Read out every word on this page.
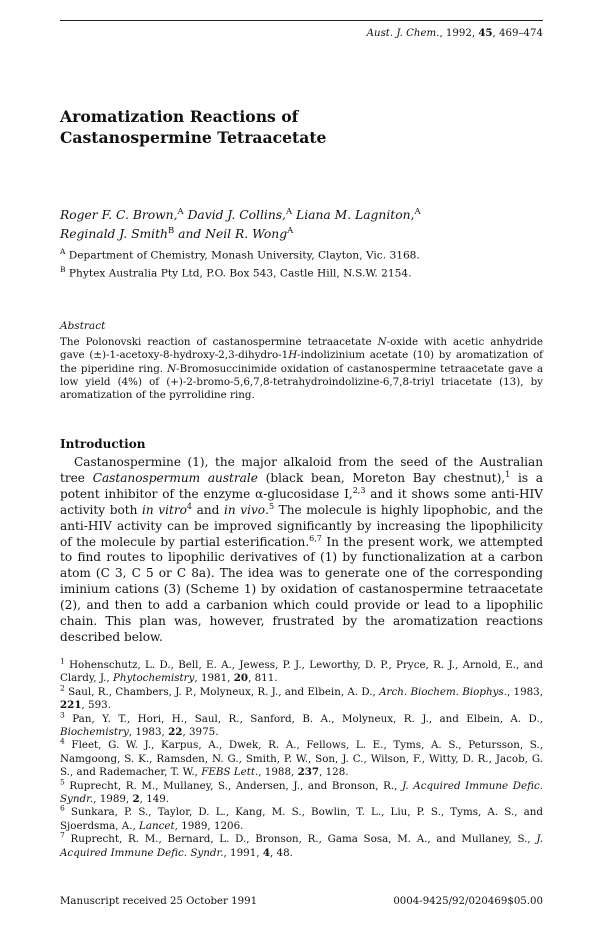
Aust. J. Chem., 1992, 45, 469–474
Aromatization Reactions of
Castanospermine Tetraacetate
Roger F. C. Brown,$^A$ David J. Collins,$^A$ Liana M. Lagniton,$^A$
Reginald J. Smith$^B$ and Neil R. Wong$^A$
$^A$ Department of Chemistry, Monash University, Clayton, Vic. 3168.
$^B$ Phytex Australia Pty Ltd, P.O. Box 543, Castle Hill, N.S.W. 2154.
Abstract
The Polonovski reaction of castanospermine tetraacetate N-oxide with acetic anhydride gave (±)-1-acetoxy-8-hydroxy-2,3-dihydro-1H-indolizinium acetate (10) by aromatization of the piperidine ring. N-Bromosuccinimide oxidation of castanospermine tetraacetate gave a low yield (4%) of (+)-2-bromo-5,6,7,8-tetrahydroindolizine-6,7,8-triyl triacetate (13), by aromatization of the pyrrolidine ring.
Introduction

Castanospermine (1), the major alkaloid from the seed of the Australian tree Castanospermum australe (black bean, Moreton Bay chestnut),$^1$ is a potent inhibitor of the enzyme α-glucosidase I,$^{2,3}$ and it shows some anti-HIV activity both in vitro$^4$ and in vivo.$^5$ The molecule is highly lipophobic, and the anti-HIV activity can be improved significantly by increasing the lipophilicity of the molecule by partial esterification.$^{6,7}$ In the present work, we attempted to find routes to lipophilic derivatives of (1) by functionalization at a carbon atom (C 3, C 5 or C 8a). The idea was to generate one of the corresponding iminium cations (3) (Scheme 1) by oxidation of castanospermine tetraacetate (2), and then to add a carbanion which could provide or lead to a lipophilic chain. This plan was, however, frustrated by the aromatization reactions described below.

$^1$ Hohenschutz, L. D., Bell, E. A., Jewess, P. J., Leworthy, D. P., Pryce, R. J., Arnold, E., and Clardy, J., Phytochemistry, 1981, 20, 811.

$^2$ Saul, R., Chambers, J. P., Molyneux, R. J., and Elbein, A. D., Arch. Biochem. Biophys., 1983, 221, 593.

$^3$ Pan, Y. T., Hori, H., Saul, R., Sanford, B. A., Molyneux, R. J., and Elbein, A. D., Biochemistry, 1983, 22, 3975.

$^4$ Fleet, G. W. J., Karpus, A., Dwek, R. A., Fellows, L. E., Tyms, A. S., Petursson, S., Namgoong, S. K., Ramsden, N. G., Smith, P. W., Son, J. C., Wilson, F., Witty, D. R., Jacob, G. S., and Rademacher, T. W., FEBS Lett., 1988, 237, 128.

$^5$ Ruprecht, R. M., Mullaney, S., Andersen, J., and Bronson, R., J. Acquired Immune Defic. Syndr., 1989, 2, 149.

$^6$ Sunkara, P. S., Taylor, D. L., Kang, M. S., Bowlin, T. L., Liu, P. S., Tyms, A. S., and Sjoerdsma, A., Lancet, 1989, 1206.

$^7$ Ruprecht, R. M., Bernard, L. D., Bronson, R., Gama Sosa, M. A., and Mullaney, S., J. Acquired Immune Defic. Syndr., 1991, 4, 48.

Manuscript received 25 October 1991	0004-9425/92/020469$05.00
